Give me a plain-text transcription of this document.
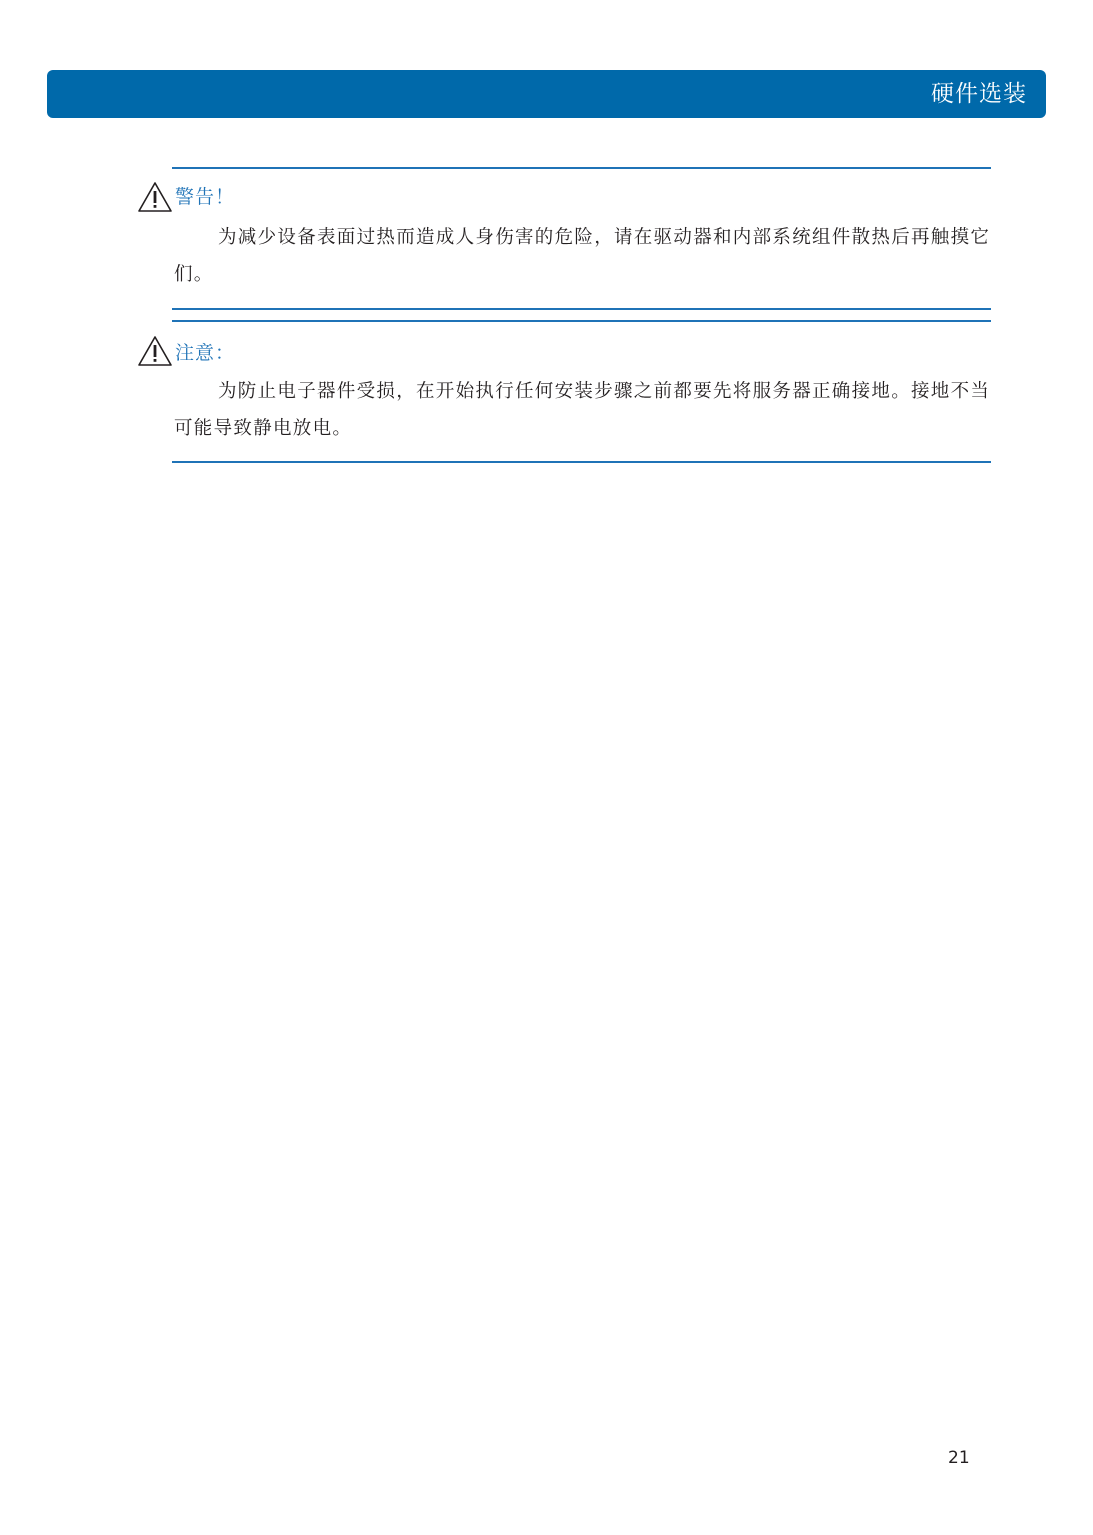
硬件选装
警告！
为减少设备表面过热而造成人身伤害的危险，请在驱动器和内部系统组件散热后再触摸它们。
注意：
为防止电子器件受损，在开始执行任何安装步骤之前都要先将服务器正确接地。接地不当可能导致静电放电。
21
